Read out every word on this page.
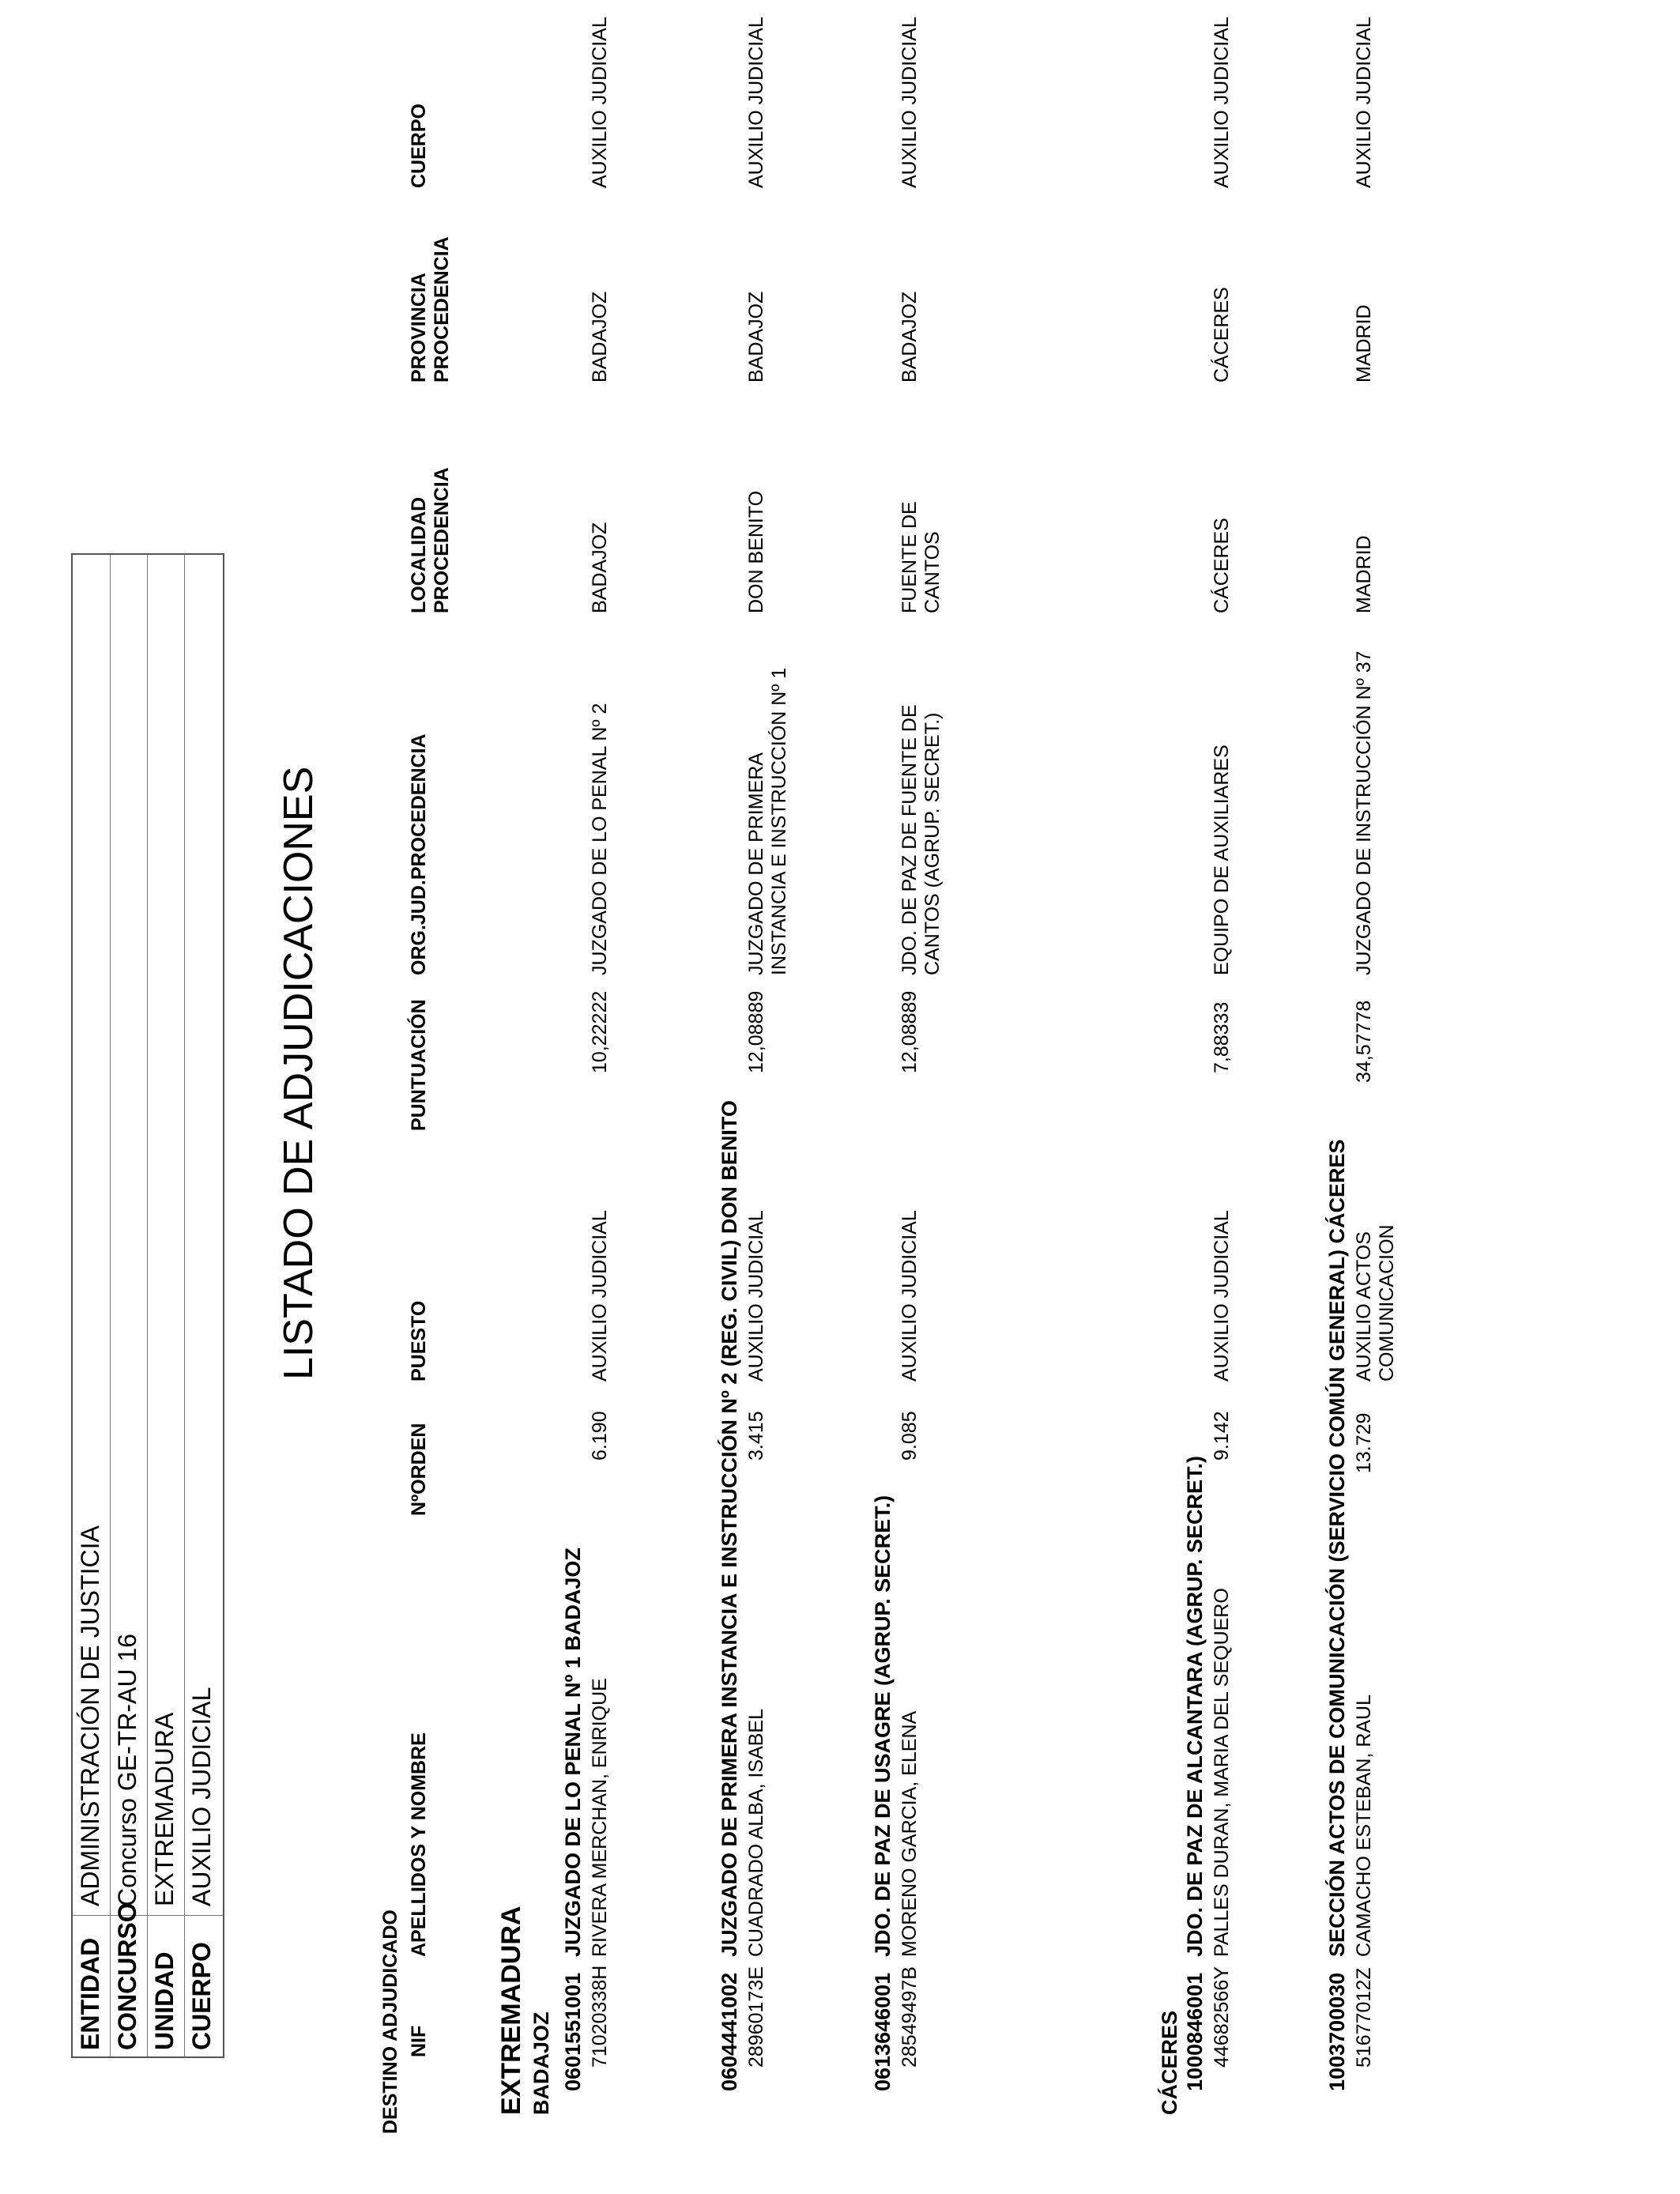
ENTIDAD
ADMINISTRACIÓN DE JUSTICIA
CONCURSO
Concurso GE-TR-AU 16
UNIDAD
EXTREMADURA
CUERPO
AUXILIO JUDICIAL
LISTADO DE ADJUDICACIONES
DESTINO ADJUDICADO NIF
APELLIDOS Y NOMBRE
NºORDEN
PUESTO
PUNTUACIÓN
ORG.JUD.PROCEDENCIA
LOCALIDAD PROCEDENCIA
PROVINCIA PROCEDENCIA
CUERPO
EXTREMADURA BADAJOZ 0601551001
JUZGADO DE LO PENAL Nº 1 BADAJOZ
71020338H
RIVERA MERCHAN, ENRIQUE
6.190
AUXILIO JUDICIAL
10,22222
JUZGADO DE LO PENAL Nº 2
BADAJOZ
BADAJOZ
AUXILIO JUDICIAL
0604441002
JUZGADO DE PRIMERA INSTANCIA E INSTRUCCIÓN Nº 2 (REG. CIVIL) DON BENITO
28960173E
CUADRADO ALBA, ISABEL
3.415
AUXILIO JUDICIAL
12,08889
JUZGADO DE PRIMERA INSTANCIA E INSTRUCCIÓN Nº 1
DON BENITO
BADAJOZ
AUXILIO JUDICIAL
0613646001
JDO. DE PAZ DE USAGRE (AGRUP. SECRET.)
28549497B
MORENO GARCIA, ELENA
9.085
AUXILIO JUDICIAL
12,08889
JDO. DE PAZ DE FUENTE DE CANTOS (AGRUP. SECRET.)
FUENTE DE CANTOS
BADAJOZ
AUXILIO JUDICIAL
CÁCERES 1000846001
JDO. DE PAZ DE ALCANTARA (AGRUP. SECRET.)
44682566Y
PALLES DURAN, MARIA DEL SEQUERO
9.142
AUXILIO JUDICIAL
7,88333
EQUIPO DE AUXILIARES
CÁCERES
CÁCERES
AUXILIO JUDICIAL
1003700030
SECCIÓN ACTOS DE COMUNICACIÓN (SERVICIO COMÚN GENERAL) CÁCERES
51677012Z
CAMACHO ESTEBAN, RAUL
13.729
AUXILIO ACTOS COMUNICACION
34,57778
JUZGADO DE INSTRUCCIÓN Nº 37
MADRID
MADRID
AUXILIO JUDICIAL
